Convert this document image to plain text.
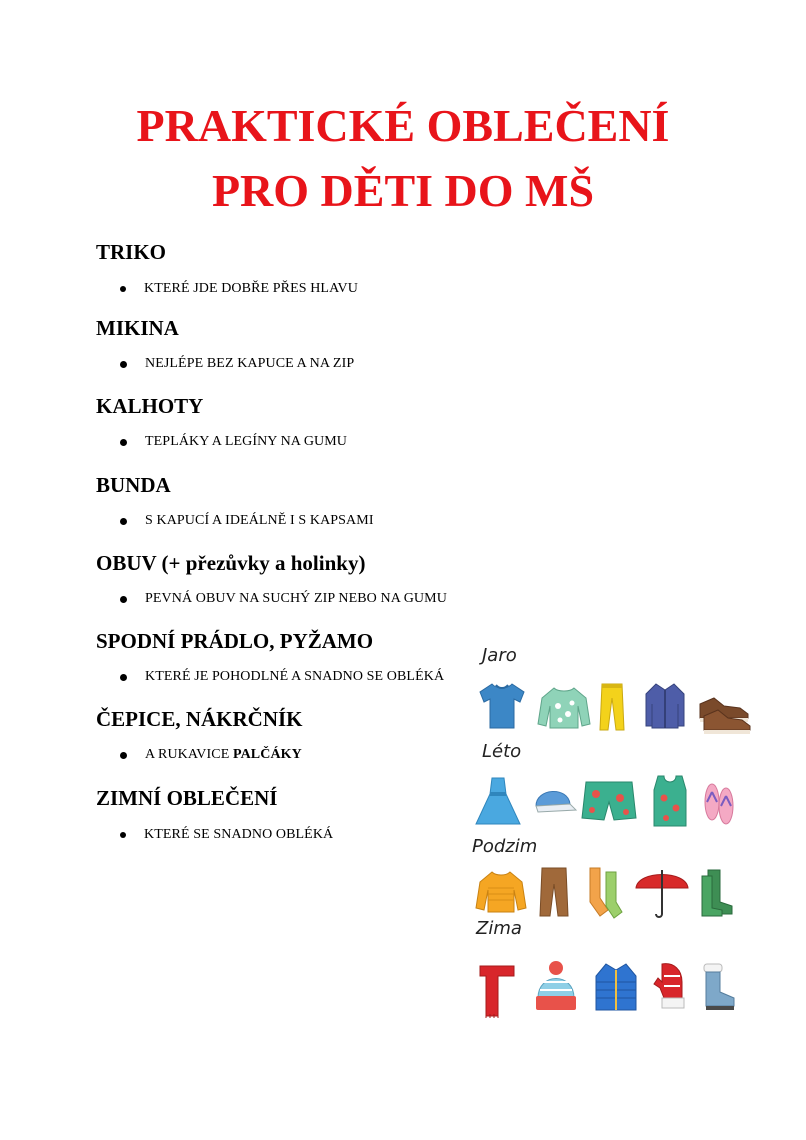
PRAKTICKÉ OBLEČENÍ
PRO DĚTI DO MŠ

TRIKO

KTERÉ JDE DOBŘE PŘES HLAVU

MIKINA

NEJLÉPE BEZ KAPUCE A NA ZIP

KALHOTY

TEPLÁKY A LEGÍNY NA GUMU

BUNDA

S KAPUCÍ A IDEÁLNĚ I S KAPSAMI

OBUV (+ přezůvky a holinky)

PEVNÁ OBUV NA SUCHÝ ZIP NEBO NA GUMU

SPODNÍ PRÁDLO, PYŽAMO

KTERÉ JE POHODLNÉ A SNADNO SE OBLÉKÁ

ČEPICE, NÁKRČNÍK

A RUKAVICE PALČÁKY

ZIMNÍ OBLEČENÍ

KTERÉ SE SNADNO OBLÉKÁ
Jaro
Léto
Podzim
Zima
